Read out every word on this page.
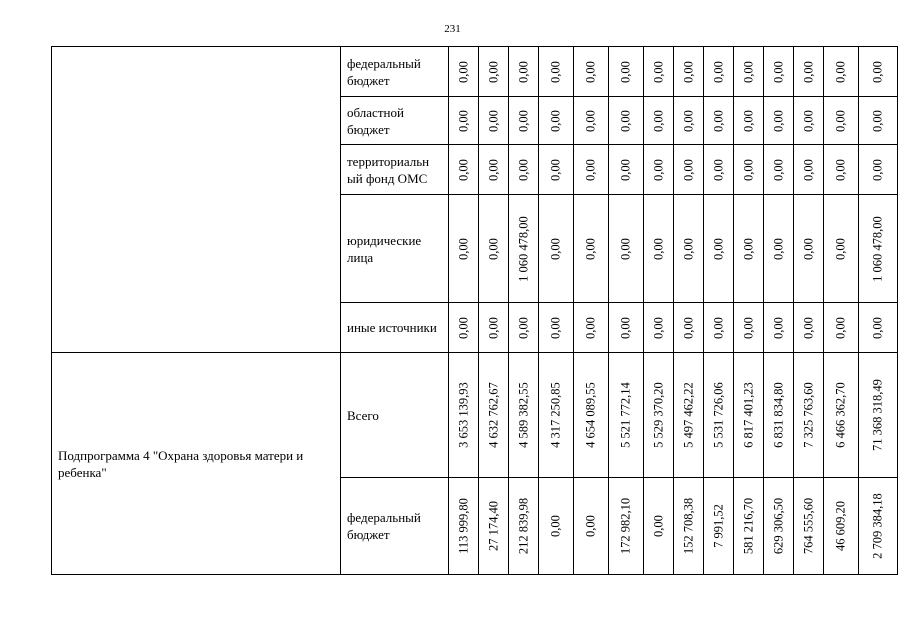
231
	федеральный бюджет	0,00	0,00	0,00	0,00	0,00	0,00	0,00	0,00	0,00	0,00	0,00	0,00	0,00	0,00

	областной бюджет	0,00	0,00	0,00	0,00	0,00	0,00	0,00	0,00	0,00	0,00	0,00	0,00	0,00	0,00

	территориальн ый фонд ОМС	0,00	0,00	0,00	0,00	0,00	0,00	0,00	0,00	0,00	0,00	0,00	0,00	0,00	0,00

	юридические лица	0,00	0,00	1 060 478,00	0,00	0,00	0,00	0,00	0,00	0,00	0,00	0,00	0,00	0,00	1 060 478,00

	иные источники	0,00	0,00	0,00	0,00	0,00	0,00	0,00	0,00	0,00	0,00	0,00	0,00	0,00	0,00

Подпрограмма 4 "Охрана здоровья матери и ребенка"	Всего	3 653 139,93	4 632 762,67	4 589 382,55	4 317 250,85	4 654 089,55	5 521 772,14	5 529 370,20	5 497 462,22	5 531 726,06	6 817 401,23	6 831 834,80	7 325 763,60	6 466 362,70	71 368 318,49

	федеральный бюджет	113 999,80	27 174,40	212 839,98	0,00	0,00	172 982,10	0,00	152 708,38	7 991,52	581 216,70	629 306,50	764 555,60	46 609,20	2 709 384,18
